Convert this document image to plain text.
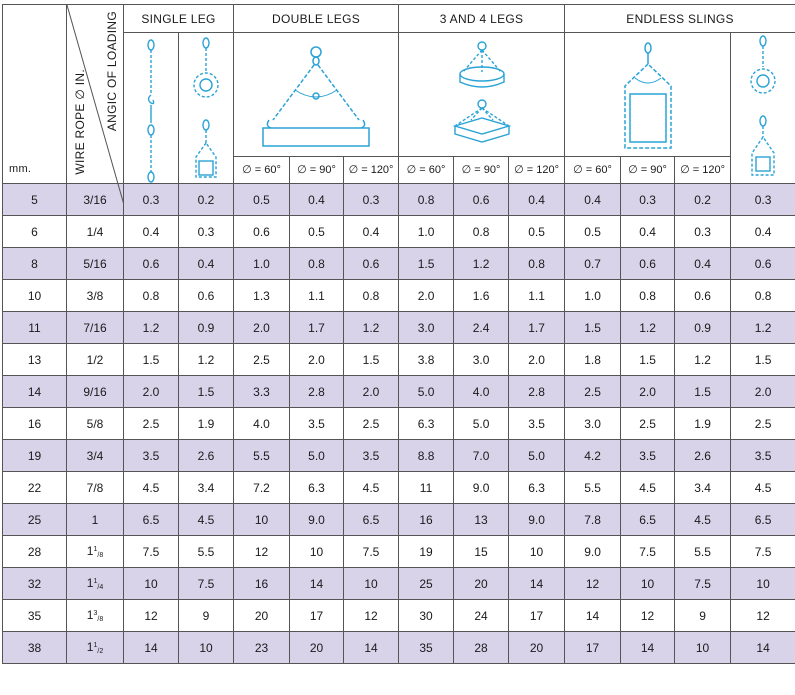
mm.	WIRE ROPE ∅ IN. ANGIC OF LOADING	SINGLE LEG		DOUBLE LEGS			3 AND 4 LEGS			ENDLESS SLINGS			

				∅ = 60°	∅ = 90°	∅ = 120°	∅ = 60°	∅ = 90°	∅ = 120°	∅ = 60°	∅ = 90°	∅ = 120°	
5	3/16	0.3	0.2	0.5	0.4	0.3	0.8	0.6	0.4	0.4	0.3	0.2	0.3
6	1/4	0.4	0.3	0.6	0.5	0.4	1.0	0.8	0.5	0.5	0.4	0.3	0.4
8	5/16	0.6	0.4	1.0	0.8	0.6	1.5	1.2	0.8	0.7	0.6	0.4	0.6
10	3/8	0.8	0.6	1.3	1.1	0.8	2.0	1.6	1.1	1.0	0.8	0.6	0.8
11	7/16	1.2	0.9	2.0	1.7	1.2	3.0	2.4	1.7	1.5	1.2	0.9	1.2
13	1/2	1.5	1.2	2.5	2.0	1.5	3.8	3.0	2.0	1.8	1.5	1.2	1.5
14	9/16	2.0	1.5	3.3	2.8	2.0	5.0	4.0	2.8	2.5	2.0	1.5	2.0
16	5/8	2.5	1.9	4.0	3.5	2.5	6.3	5.0	3.5	3.0	2.5	1.9	2.5
19	3/4	3.5	2.6	5.5	5.0	3.5	8.8	7.0	5.0	4.2	3.5	2.6	3.5
22	7/8	4.5	3.4	7.2	6.3	4.5	11	9.0	6.3	5.5	4.5	3.4	4.5
25	1	6.5	4.5	10	9.0	6.5	16	13	9.0	7.8	6.5	4.5	6.5
28	$1^1/8$	7.5	5.5	12	10	7.5	19	15	10	9.0	7.5	5.5	7.5
32	$1^1/4$	10	7.5	16	14	10	25	20	14	12	10	7.5	10
35	$1^3/8$	12	9	20	17	12	30	24	17	14	12	9	12
38	$1^1/2$	14	10	23	20	14	35	28	20	17	14	10	14
